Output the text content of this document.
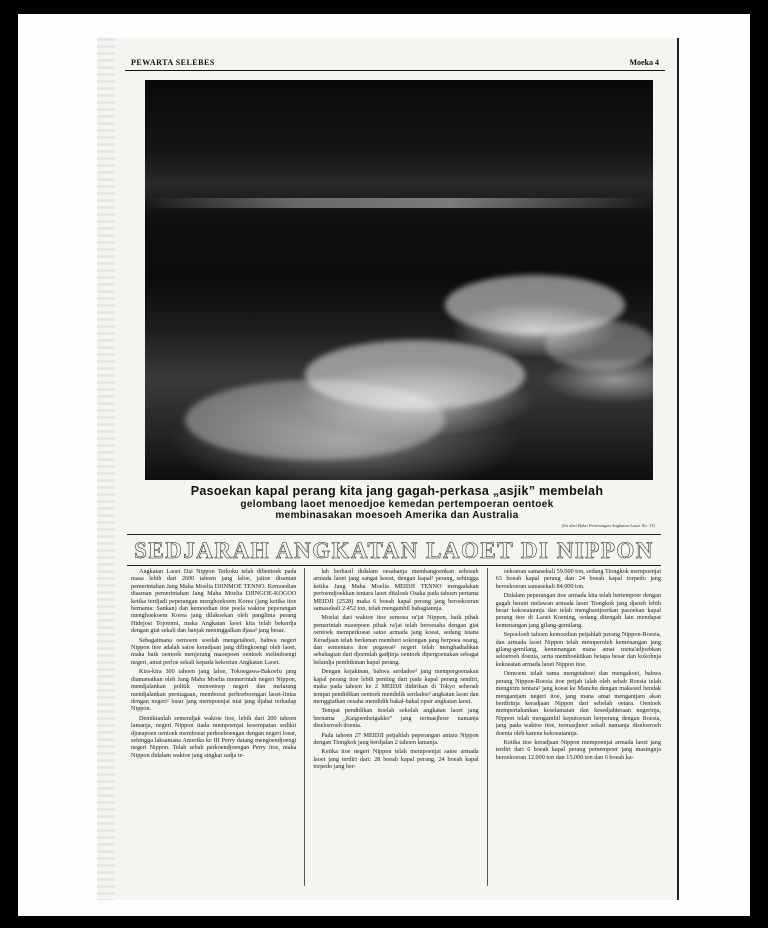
PEWARTA SELEBES	Moeka 4
Pasoekan kapal perang kita jang gagah-perkasa „asjik” membelah
gelombang laoet menoedjoe kemedan pertempoeran oentoek
membinasakan moesoeh Amerika dan Australia
(Ini dari Balai Penerangan Angkatan Laoet No. 15)
SEDJARAH ANGKATAN LAOET DI NIPPON

Angkatan Laoet Dai Nippon Teikoku telah dibentoek pada masa lebih dari 2600 tahoen jang laloe, jaitoe disaman pemerintahan Jang Maha Moelia DJINMOE TENNO. Kemoedian diasman pemerintahan Jang Maha Moelia DJINGOE-KOGOO ketika terdjadi peperangan menghoekoem Korea (jang ketika itoe bernama: Sankan) dan kemoedian itoe poela waktoe peperangan menghoekoem Korea jang dilakoekan oleh panglima perang Hidejosi Tojotomi, maka Angkatan laoet kita telah bekerdja dengan giat sekali dan banjak meninggalkan djasa² jang besar.

Sebagaimana oemoem soedah mengetahoei, bahwa negeri Nippon itoe adalah satoe keradjaan jang dilingkoengi oleh laoet, maka baik oentoek menjerang maoepoen oentoek melindoengi negeri, amat perloe sekali kepada kekoetan Angkatan Laoet.

Kira-kira 300 tahoen jang laloe, Tokoegawa-Bakoefu jang diamanatkan oleh Jang Maha Moelia memerintah negeri Nippon, mendjalankan politik menoetoep negeri dan melarang mendjalankan perniagaan, memboeat perhoeboengan laoet-lintas dengan negeri² loear jang mempoenjai niat jang djahat terhadap Nippon.

Demikianlah semendjak waktoe itoe, lebih dari 200 tahoen lamanja, negeri Nippon tiada mempoenjai kesempatan sedikit djoeapoen oentoek memboeat perhoeboengan dengan negeri loear, sehingga laksamana Amerika ke III Perry datang mengoendjoengi negeri Nippon. Telah sebab perkoendjoengan Perry itoe, maka Nippon didalam waktoe jang singkat sadja te-

lah berhasil didalam oesahanja membangoenkan seboeah armada laoet jang sangat koeat, dengan kapal² perang, sehingga ketika Jang Maha Moelia MEIDJI TENNO mengadakan pertoendjoekkan tentara laoet ditaloek Osaka pada tahoen pertama MEIDJI (2528) maka 6 boeah kapal perang jang beroekoeran samasekali 2.452 ton, telah mengambil bahagiannja.

Moelai dari waktoe itoe semoea ra'jat Nippon, baik pihak pemerintah maoepoen pihak ra'jat telah beroesaha dengan giat oentoek memperkoeat satoe armada jang koeat, sedang istana Keradjaan telah berkenan memberi sokongan jang berpoea oeang, dan sementara itoe pegawai² negeri telah menghadiahkan sebahagian dari djoemlah gadjinja oentoek dipergoenakan sebagai belandja pembikinan kapal perang.

Dengan kejakinan, bahwa serdadoe² jang mempergoenakan kapal perang itoe lebih penting dari pada kapal perang sendiri, maka pada tahoen ke 2 MEIDJI didirikan di Tokyo sebeoah tempat pendidikan oentoek mendidik serdadoe² angkatan laoet dan menggiatkan oesaha mendidik bakal-bakal opsir angkatan laoet.

Tempat pendidikan itoelah sekolah angkatan laoet jang bernama „Kaigoenheigakko” jang termasjhoer namanja diseloeroeh doenia.

Pada tahoen 27 MEIDJI petjahlah peperangan antara Nippon dengan Tiongkok jang berdjalan 2 tahoen lamanja.

Ketika itoe negeri Nippon telah mempoenjai satoe armada laoet jang terdiri dari: 28 boeah kapal perang, 24 boeah kapal torpedo jang ber-

oekoeran samasekali 59.000 ton, sedang Tiongkok mempoenjai 63 boeah kapal perang dan 24 boeah kapal torpedo jang beroekoeran samasekali 84.000 ton.

Didalam peperangan itoe armada kita telah bertempoer dengan gagah berani melawan armada laoet Tiongkok jang djaoeh lebih besar kekoeatannja dan telah menghantjoerkan pasoekan kapal perang itoe di Laoet Koening, sedang ditengah lain mendapat kemenangan jang gilang-gemilang.

Sepoeloeh tahoen kemoedian petjahlah perang Nippon-Roesia, dan armada laoet Nippon telah memperoleh kemenangan jang gilang-gemilang, kemenangan mana amat mena'adjoebkan seloeroeh doenia, serta memboektikan betapa besar dan kokohnja kekoeatan armada laoet Nippon itoe.

Oemoem telah sama mengetahoei dan mengakoei, bahwa perang Nippon-Roesia itoe petjah ialah oleh sebab Roesia telah mengirim tentara² jang koeat ke Manchu dengan maksoed hendak mengantjam negeri itoe, jang mana amat mengantjam akan berdirinja keradjaan Nippon dari sebelah oetara. Oentoek mempertahankan keselamatan dan kesedjahteraan negerinja, Nippon telah mengambil keputoesan berperang dengan Roesia, jang pada waktoe itoe, termasjhoer sekali namanja diseloeroeh doenia oleh karena kekoeatannja.

Ketika itoe keradjaan Nippon mempoenjai armada laoet jang terdiri dari 6 boeah kapal perang pemempoer jang masingnja beroekoeran 12.000 ton dan 15.000 ton dan 6 boeah ka-
